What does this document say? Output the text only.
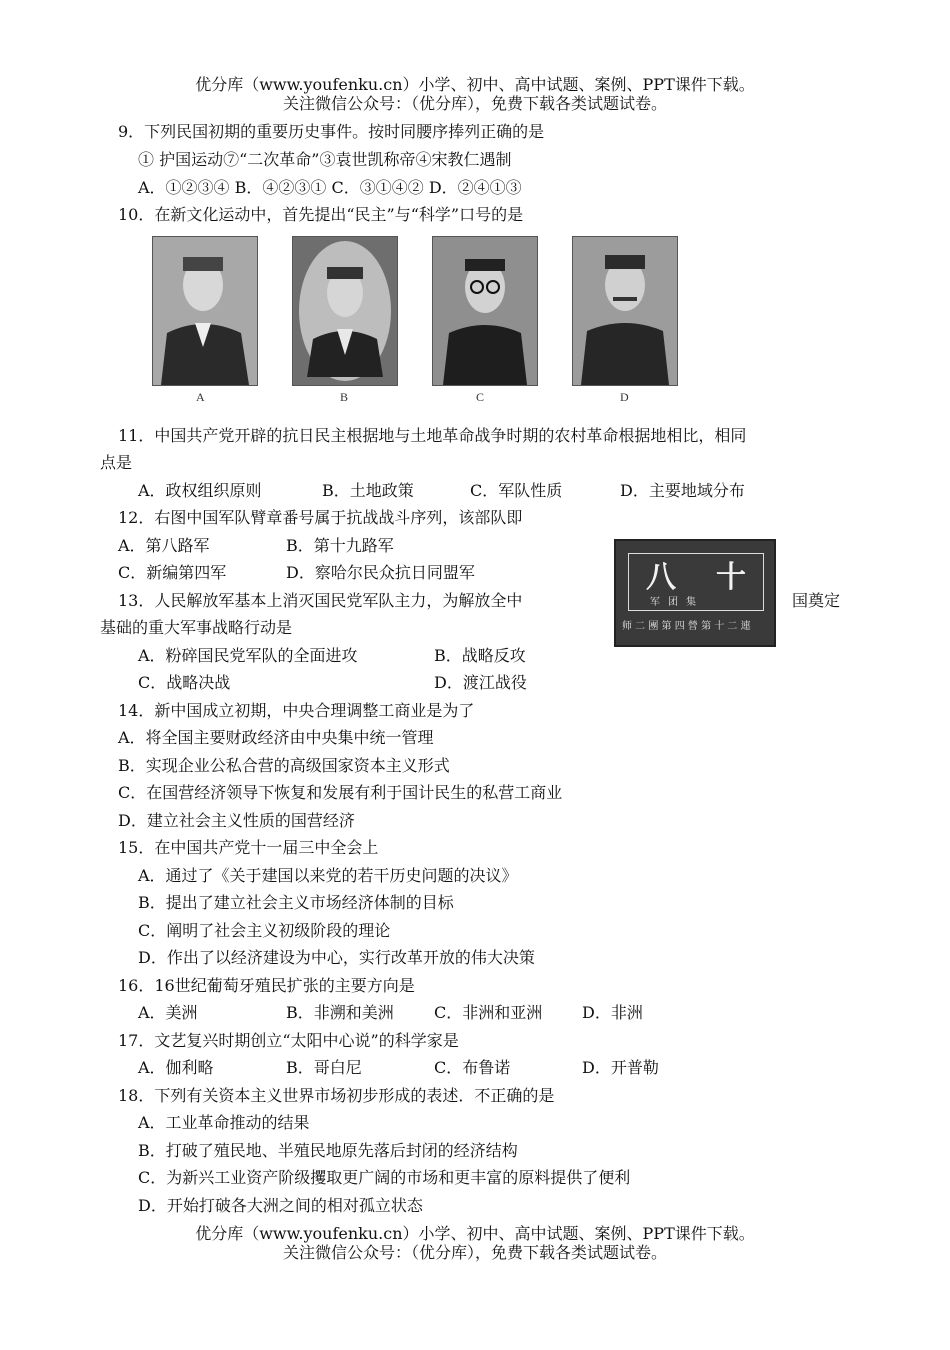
优分库（www.youfenku.cn）小学、初中、高中试题、案例、PPT课件下载。
关注微信公众号：（优分库），免费下载各类试题试卷。
9．下列民国初期的重要历史事件。按时同腰序捧列正确的是
① 护国运动⑦“二次革命”③袁世凯称帝④宋教仁遇制
A．①②③④ B．④②③① C．③①④② D．②④①③
10．在新文化运动中，首先提出“民主”与“科学”口号的是
A	B	C	D
11．中国共产党开辟的抗日民主根据地与土地革命战争时期的农村革命根据地相比，相同
点是
A．政权组织原则	B．土地政策	C．军队性质	D．主要地域分布
12．右图中国军队臂章番号属于抗战战斗序列，该部队即
A．第八路军	B．第十九路军
C．新编第四军	D．察哈尔民众抗日同盟军	八 十
军团集
师 二 團 第 四 營 第 十 二 連
13．人民解放军基本上消灭国民党军队主力，为解放全中	国奠定
基础的重大军事战略行动是
A．粉碎国民党军队的全面进攻	B．战略反攻
C．战略决战	D．渡江战役
14．新中国成立初期，中央合理调整工商业是为了
A．将全国主要财政经济由中央集中统一管理
B．实现企业公私合营的高级国家资本主义形式
C．在国营经济领导下恢复和发展有利于国计民生的私营工商业
D．建立社会主义性质的国营经济
15．在中国共产党十一届三中全会上
A．通过了《关于建国以来党的若干历史问题的决议》
B．提出了建立社会主义市场经济体制的目标
C．阐明了社会主义初级阶段的理论
D．作出了以经济建设为中心，实行改革开放的伟大决策
16．16世纪葡萄牙殖民扩张的主要方向是
A．美洲	B．非溯和美洲	C．非洲和亚洲 D．非洲
17．文艺复兴时期创立“太阳中心说”的科学家是
A．伽利略	B．哥白尼	C．布鲁诺	D．开普勒
18．下列有关资本主义世界市场初步形成的表述．不正确的是
A．工业革命推动的结果
B．打破了殖民地、半殖民地原先落后封闭的经济结构
C．为新兴工业资产阶级攫取更广阔的市场和更丰富的原料提供了便利
D．开始打破各大洲之间的相对孤立状态
优分库（www.youfenku.cn）小学、初中、高中试题、案例、PPT课件下载。
关注微信公众号：（优分库），免费下载各类试题试卷。
